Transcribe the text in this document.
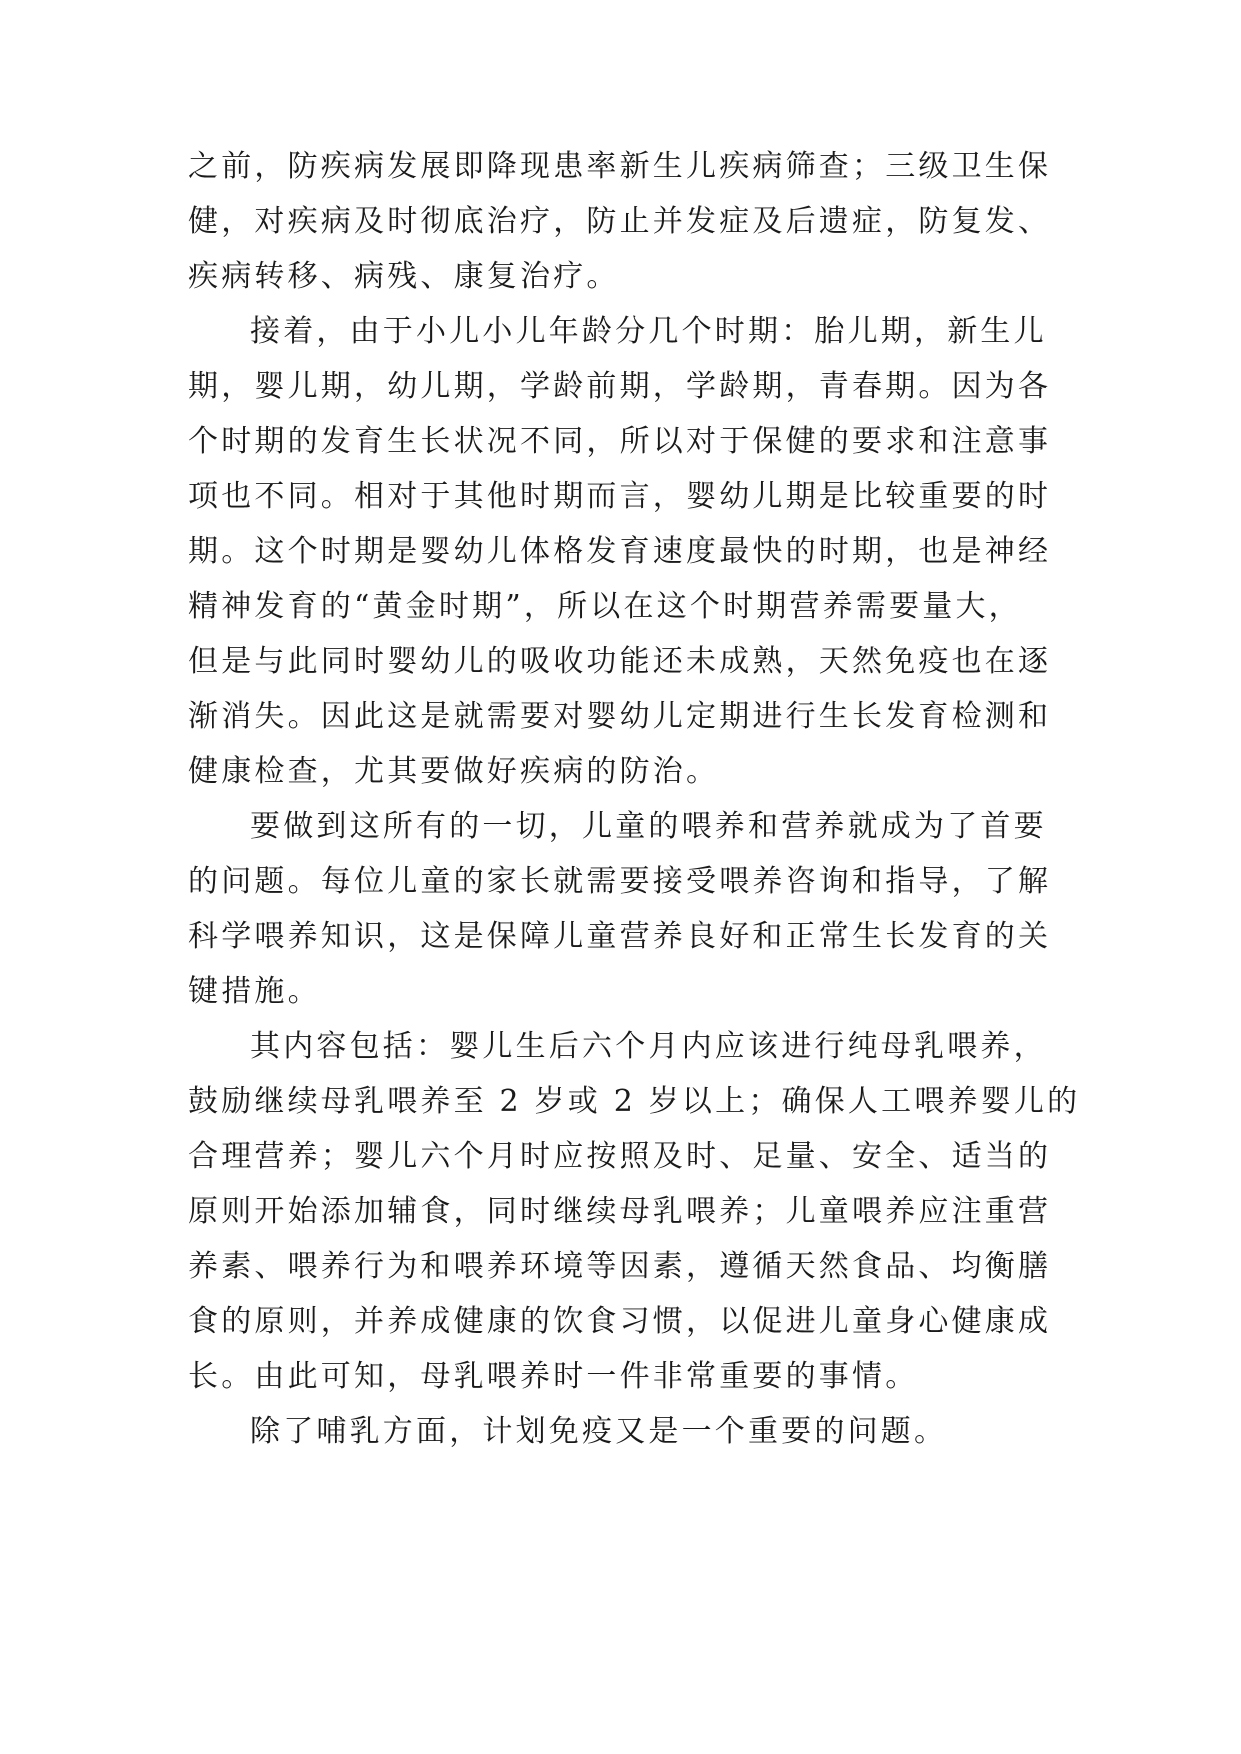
之前，防疾病发展即降现患率新生儿疾病筛查；三级卫生保
健，对疾病及时彻底治疗，防止并发症及后遗症，防复发、
疾病转移、病残、康复治疗。
接着，由于小儿小儿年龄分几个时期：胎儿期，新生儿
期，婴儿期，幼儿期，学龄前期，学龄期，青春期。因为各
个时期的发育生长状况不同，所以对于保健的要求和注意事
项也不同。相对于其他时期而言，婴幼儿期是比较重要的时
期。这个时期是婴幼儿体格发育速度最快的时期，也是神经
精神发育的“黄金时期”，所以在这个时期营养需要量大，
但是与此同时婴幼儿的吸收功能还未成熟，天然免疫也在逐
渐消失。因此这是就需要对婴幼儿定期进行生长发育检测和
健康检查，尤其要做好疾病的防治。
要做到这所有的一切，儿童的喂养和营养就成为了首要
的问题。每位儿童的家长就需要接受喂养咨询和指导，了解
科学喂养知识，这是保障儿童营养良好和正常生长发育的关
键措施。
其内容包括：婴儿生后六个月内应该进行纯母乳喂养，
鼓励继续母乳喂养至 2 岁或 2 岁以上；确保人工喂养婴儿的
合理营养；婴儿六个月时应按照及时、足量、安全、适当的
原则开始添加辅食，同时继续母乳喂养；儿童喂养应注重营
养素、喂养行为和喂养环境等因素，遵循天然食品、均衡膳
食的原则，并养成健康的饮食习惯，以促进儿童身心健康成
长。由此可知，母乳喂养时一件非常重要的事情。
除了哺乳方面，计划免疫又是一个重要的问题。
